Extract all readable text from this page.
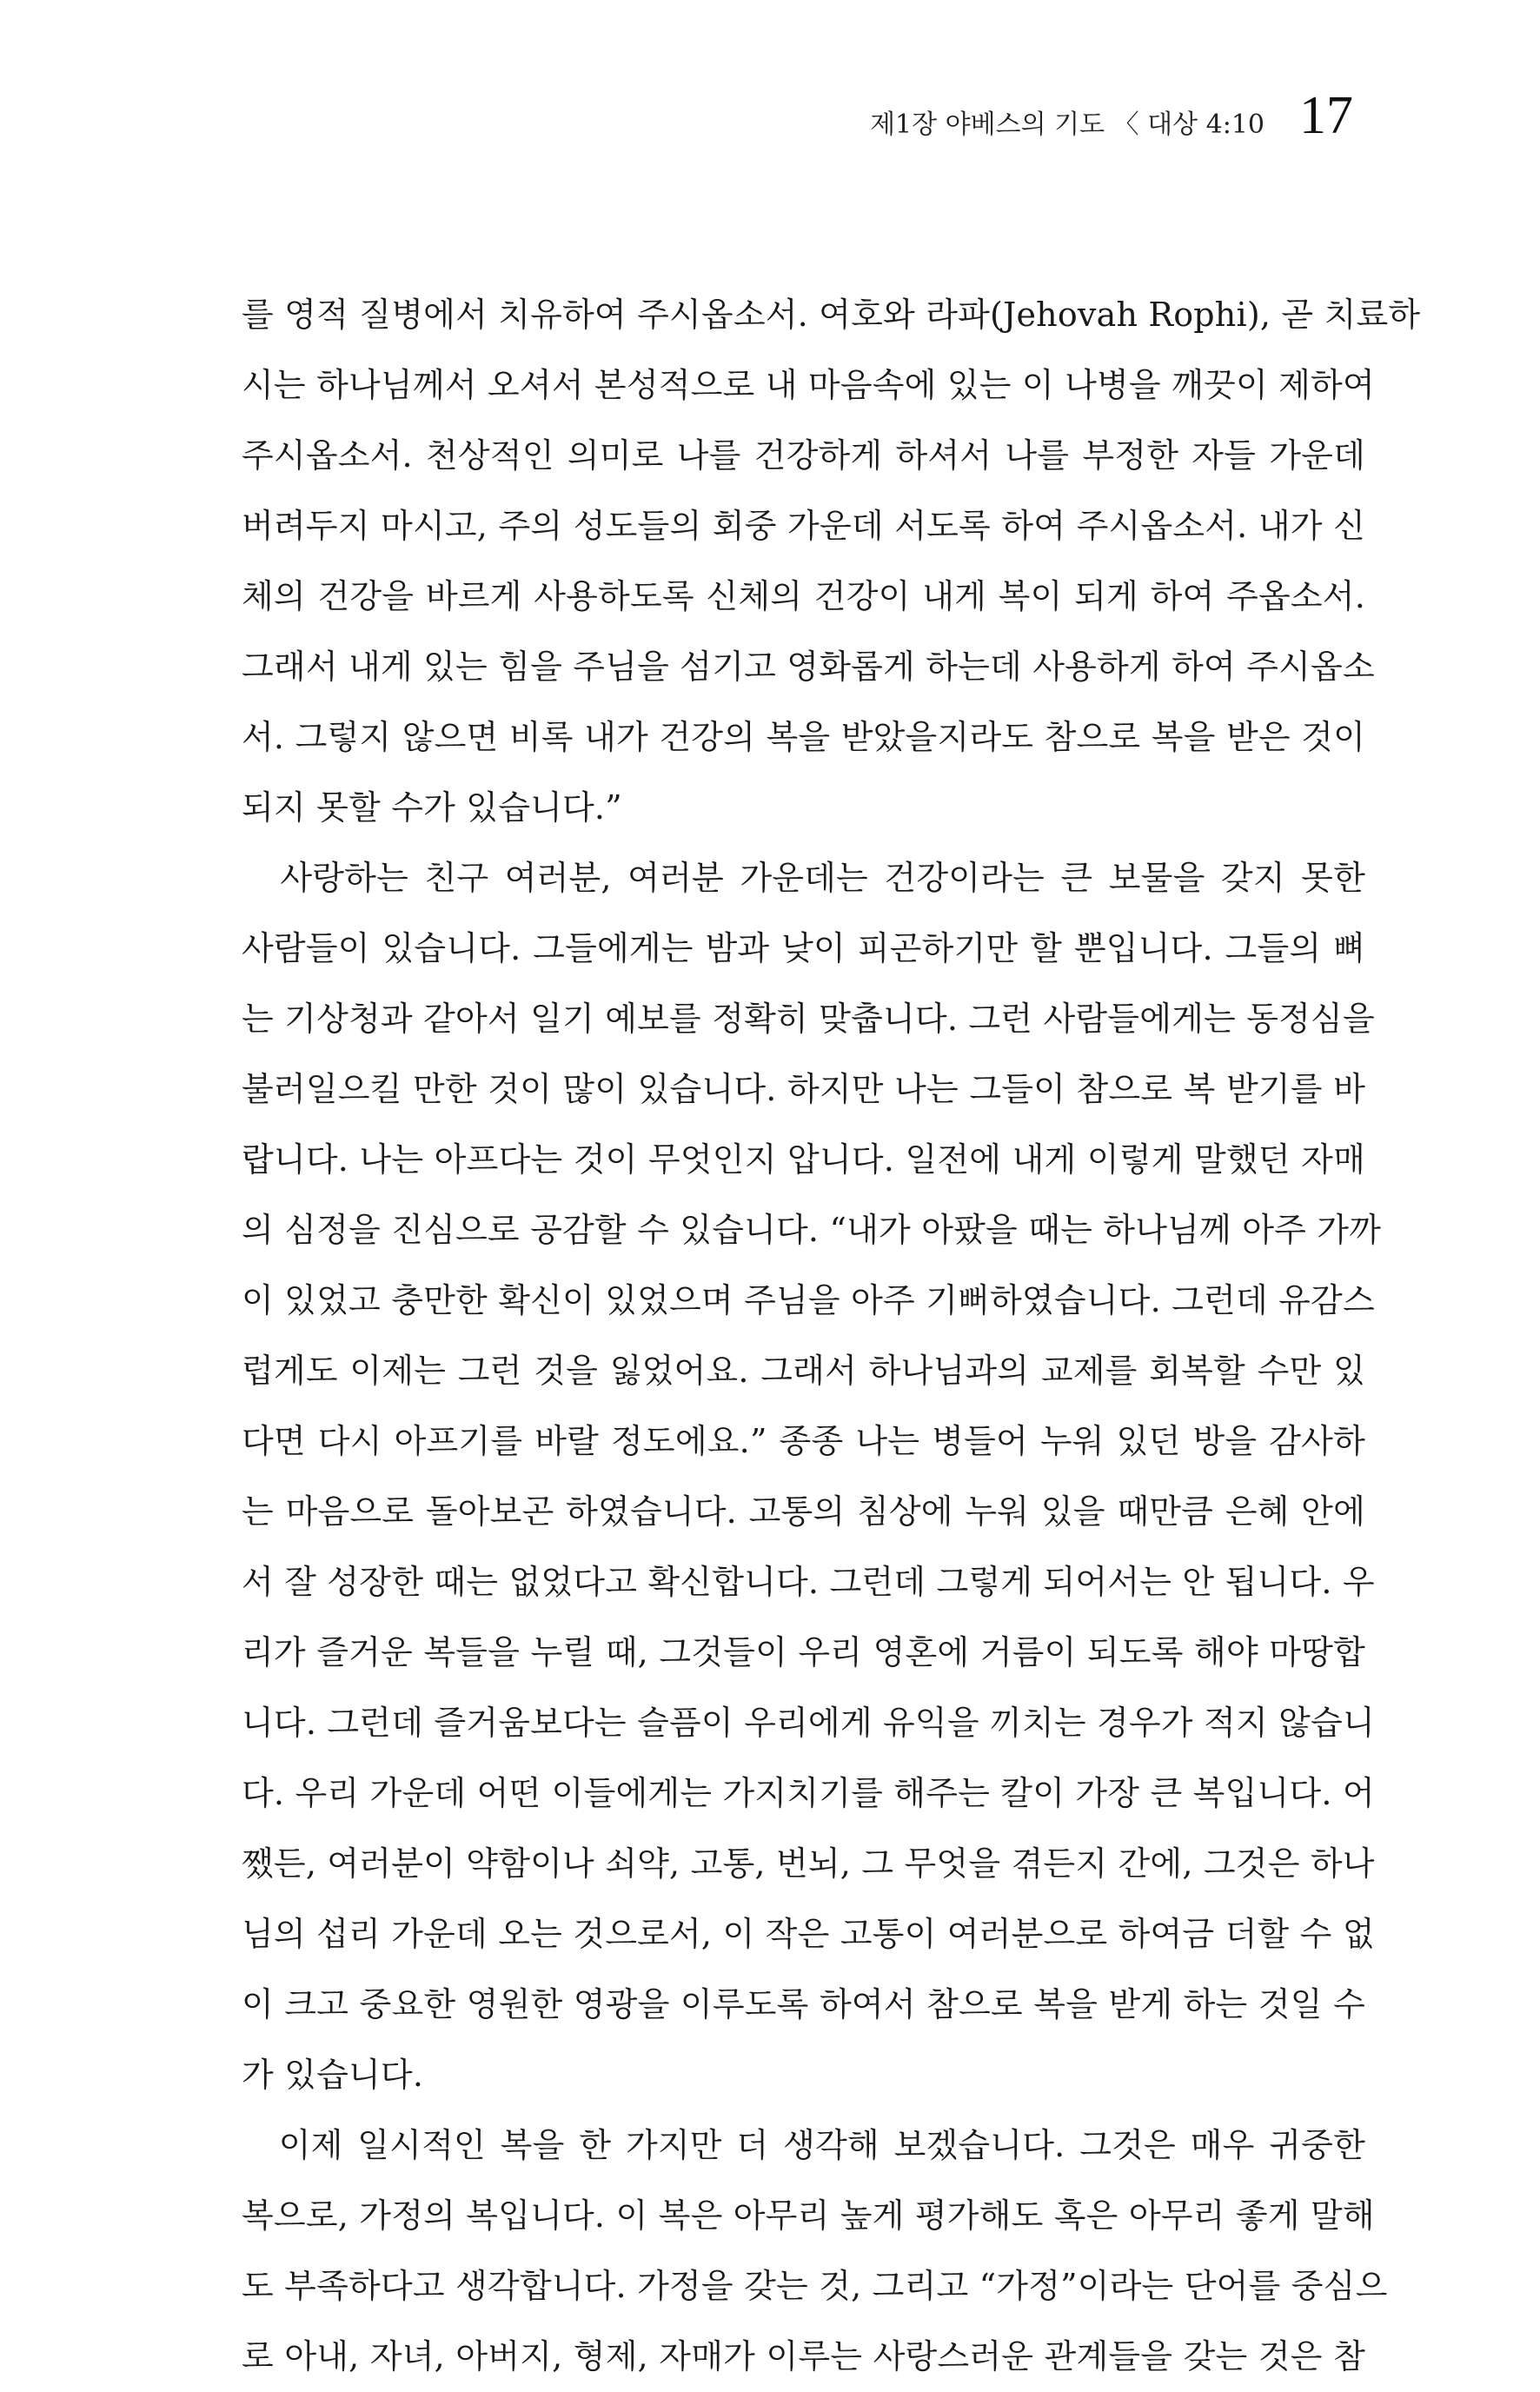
제1장 야베스의 기도 〈 대상 4:10 17
를 영적 질병에서 치유하여 주시옵소서. 여호와 라파(Jehovah Rophi), 곧 치료하
시는 하나님께서 오셔서 본성적으로 내 마음속에 있는 이 나병을 깨끗이 제하여
주시옵소서. 천상적인 의미로 나를 건강하게 하셔서 나를 부정한 자들 가운데
버려두지 마시고, 주의 성도들의 회중 가운데 서도록 하여 주시옵소서. 내가 신
체의 건강을 바르게 사용하도록 신체의 건강이 내게 복이 되게 하여 주옵소서.
그래서 내게 있는 힘을 주님을 섬기고 영화롭게 하는데 사용하게 하여 주시옵소
서. 그렇지 않으면 비록 내가 건강의 복을 받았을지라도 참으로 복을 받은 것이
되지 못할 수가 있습니다.”
　사랑하는 친구 여러분, 여러분 가운데는 건강이라는 큰 보물을 갖지 못한
사람들이 있습니다. 그들에게는 밤과 낮이 피곤하기만 할 뿐입니다. 그들의 뼈
는 기상청과 같아서 일기 예보를 정확히 맞춥니다. 그런 사람들에게는 동정심을
불러일으킬 만한 것이 많이 있습니다. 하지만 나는 그들이 참으로 복 받기를 바
랍니다. 나는 아프다는 것이 무엇인지 압니다. 일전에 내게 이렇게 말했던 자매
의 심정을 진심으로 공감할 수 있습니다. “내가 아팠을 때는 하나님께 아주 가까
이 있었고 충만한 확신이 있었으며 주님을 아주 기뻐하였습니다. 그런데 유감스
럽게도 이제는 그런 것을 잃었어요. 그래서 하나님과의 교제를 회복할 수만 있
다면 다시 아프기를 바랄 정도에요.” 종종 나는 병들어 누워 있던 방을 감사하
는 마음으로 돌아보곤 하였습니다. 고통의 침상에 누워 있을 때만큼 은혜 안에
서 잘 성장한 때는 없었다고 확신합니다. 그런데 그렇게 되어서는 안 됩니다. 우
리가 즐거운 복들을 누릴 때, 그것들이 우리 영혼에 거름이 되도록 해야 마땅합
니다. 그런데 즐거움보다는 슬픔이 우리에게 유익을 끼치는 경우가 적지 않습니
다. 우리 가운데 어떤 이들에게는 가지치기를 해주는 칼이 가장 큰 복입니다. 어
쨌든, 여러분이 약함이나 쇠약, 고통, 번뇌, 그 무엇을 겪든지 간에, 그것은 하나
님의 섭리 가운데 오는 것으로서, 이 작은 고통이 여러분으로 하여금 더할 수 없
이 크고 중요한 영원한 영광을 이루도록 하여서 참으로 복을 받게 하는 것일 수
가 있습니다.
　이제 일시적인 복을 한 가지만 더 생각해 보겠습니다. 그것은 매우 귀중한
복으로, 가정의 복입니다. 이 복은 아무리 높게 평가해도 혹은 아무리 좋게 말해
도 부족하다고 생각합니다. 가정을 갖는 것, 그리고 “가정”이라는 단어를 중심으
로 아내, 자녀, 아버지, 형제, 자매가 이루는 사랑스러운 관계들을 갖는 것은 참
